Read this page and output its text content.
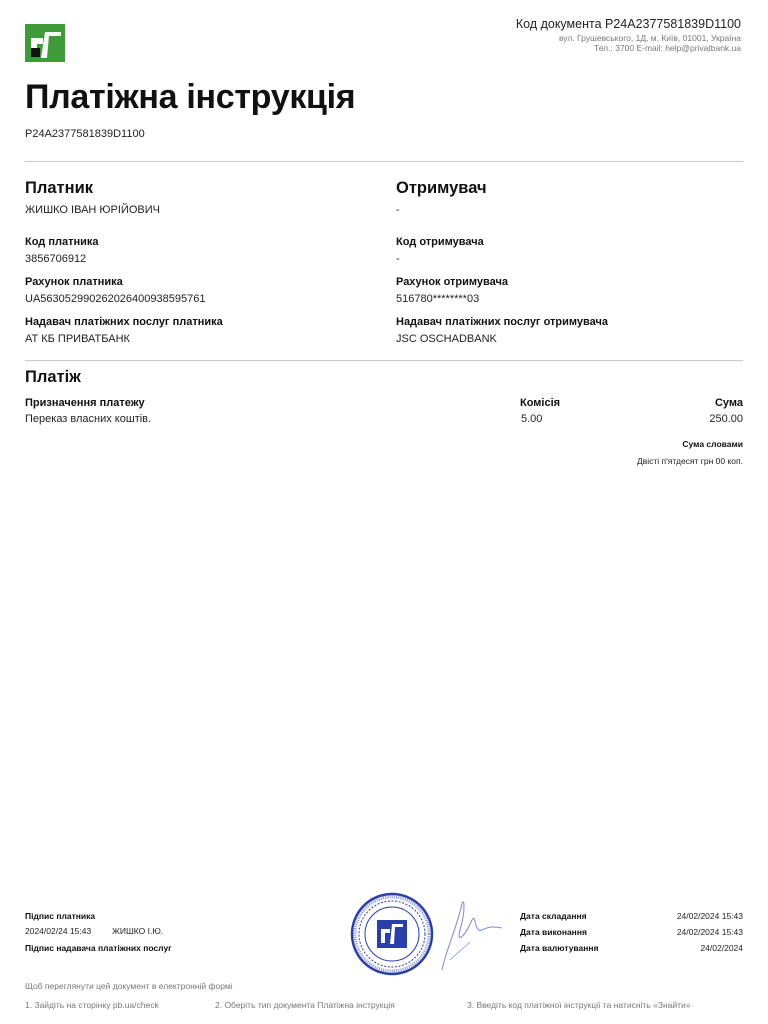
Код документа P24A2377581839D1100
вул. Грушевського, 1Д, м. Київ, 01001, Україна
Тел.: 3700 E-mail: help@privatbank.ua
Платіжна інструкція
P24A2377581839D1100
Платник
ЖИШКО ІВАН ЮРІЙОВИЧ
Код платника
3856706912
Рахунок платника
UA563052990262026400938595761
Надавач платіжних послуг платника
АТ КБ ПРИВАТБАНК
Отримувач
-
Код отримувача
-
Рахунок отримувача
516780********03
Надавач платіжних послуг отримувача
JSC OSCHADBANK
Платіж
Призначення платежу
Переказ власних коштів.
Комісія
5.00
Сума
250.00
Сума словами
Двісті п'ятдесят грн 00 коп.
Підпис платника
2024/02/24 15:43 ЖИШКО І.Ю.
Підпис надавача платіжних послуг
Дата складання	24/02/2024 15:43
Дата виконання	24/02/2024 15:43
Дата валютування	24/02/2024
Щоб переглянути цей документ в електронній формі
1. Зайдіть на сторінку pb.ua/check	2. Оберіть тип документа Платіжна інструкція	3. Введіть код платіжної інструкції та натисніть «Знайти»
